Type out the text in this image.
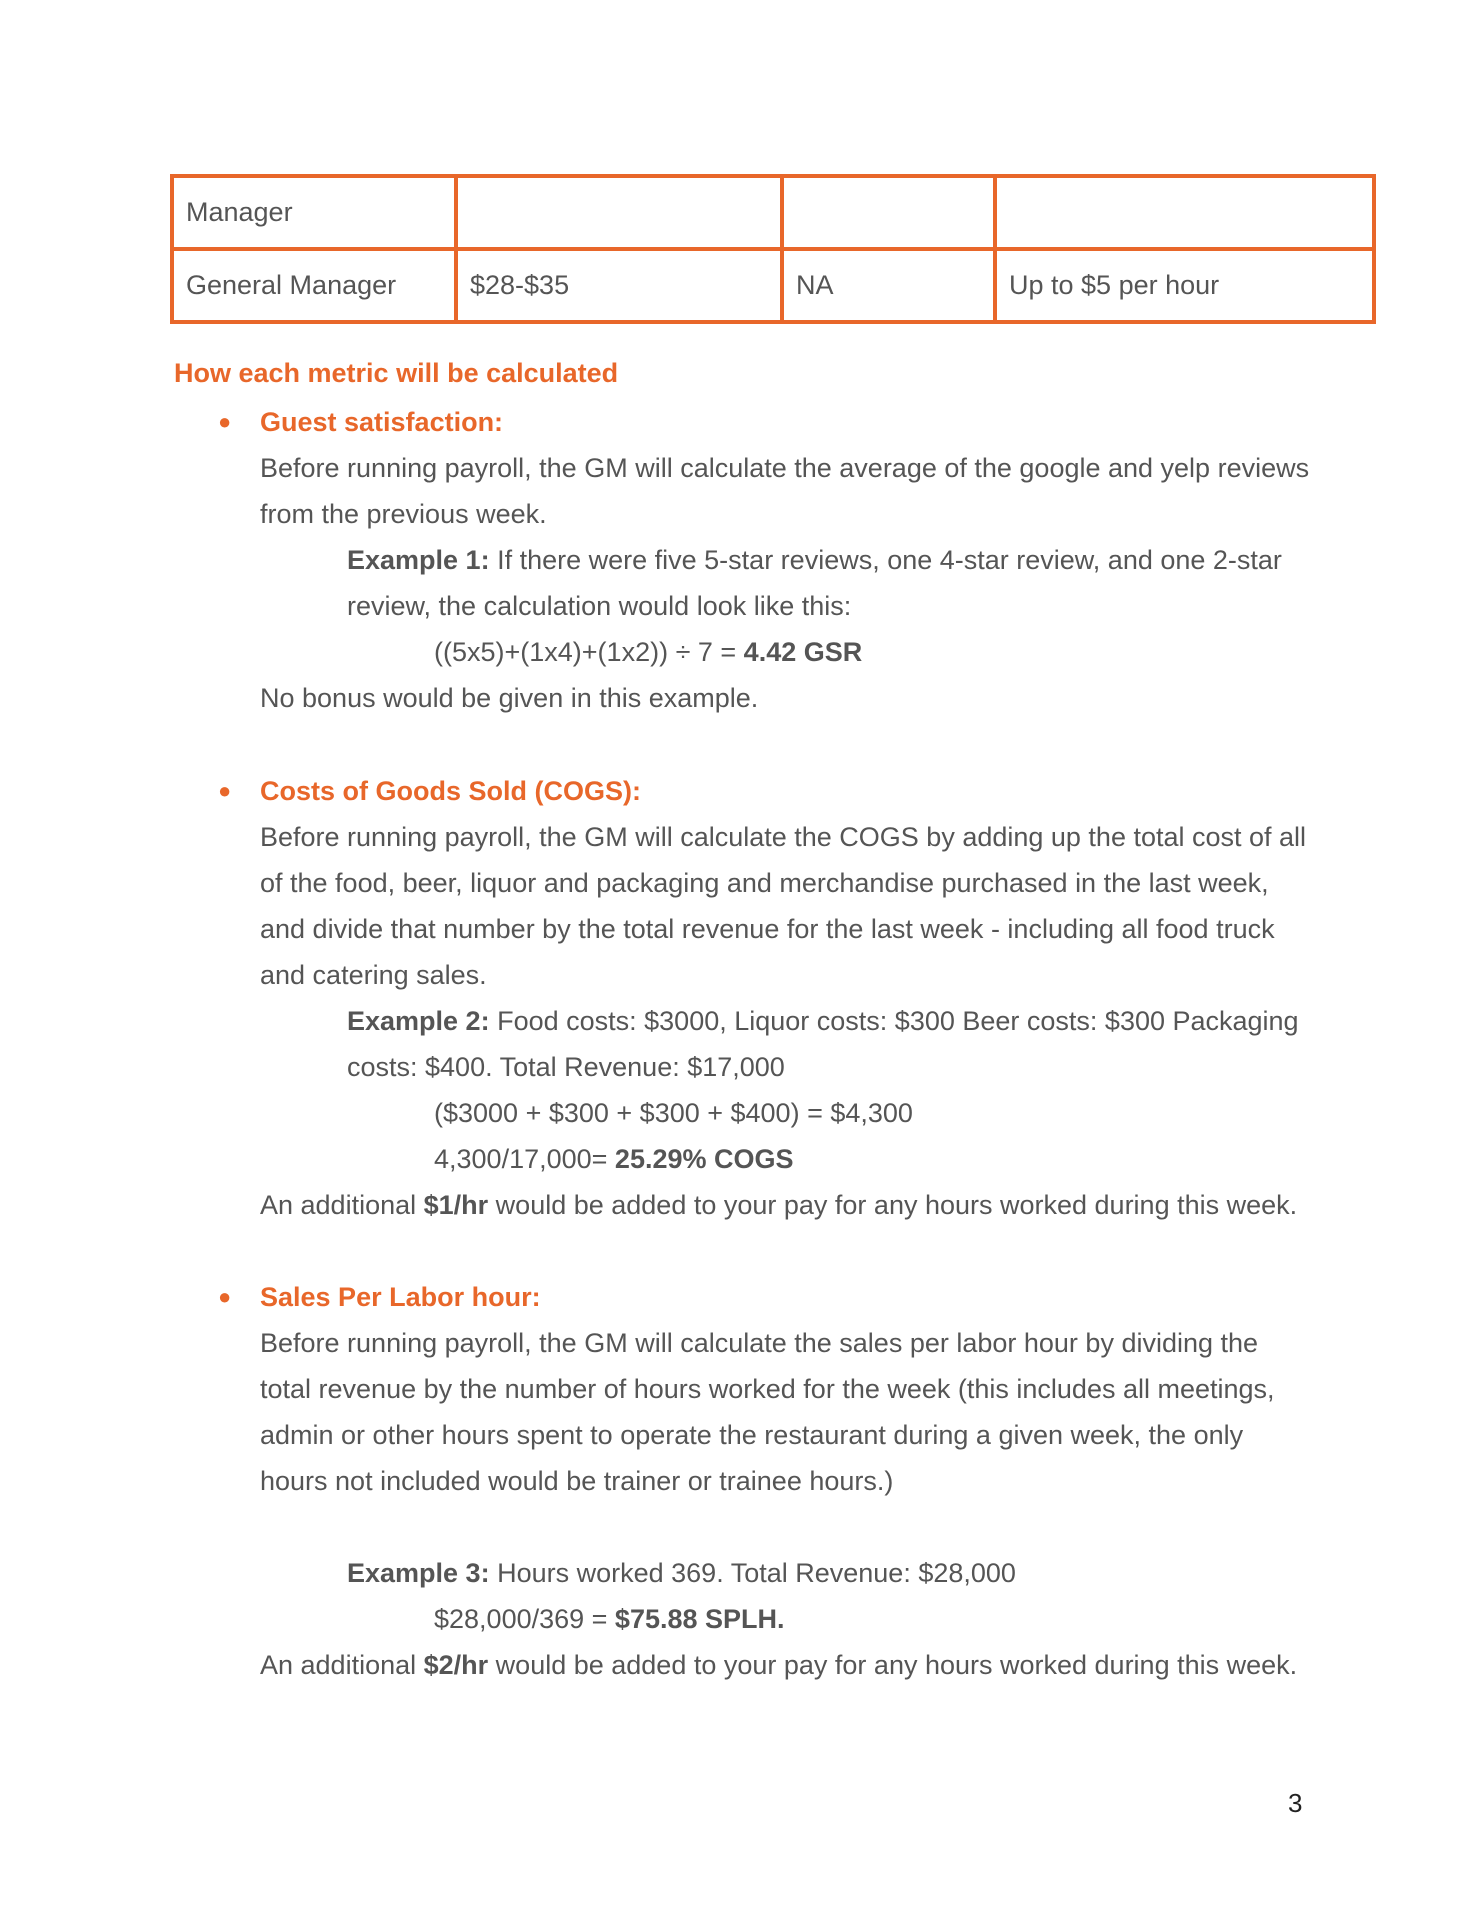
Manager			
General Manager	$28-$35	NA	Up to $5 per hour
How each metric will be calculated
● Guest satisfaction:

Before running payroll, the GM will calculate the average of the google and yelp reviews from the previous week.

Example 1: If there were five 5-star reviews, one 4-star review, and one 2-star review, the calculation would look like this:

((5x5)+(1x4)+(1x2)) ÷ 7 = 4.42 GSR

No bonus would be given in this example.

● Costs of Goods Sold (COGS):

Before running payroll, the GM will calculate the COGS by adding up the total cost of all of the food, beer, liquor and packaging and merchandise purchased in the last week, and divide that number by the total revenue for the last week - including all food truck and catering sales.

Example 2: Food costs: $3000, Liquor costs: $300 Beer costs: $300 Packaging costs: $400. Total Revenue: $17,000

($3000 + $300 + $300 + $400) = $4,300

4,300/17,000= 25.29% COGS

An additional $1/hr would be added to your pay for any hours worked during this week.

● Sales Per Labor hour:

Before running payroll, the GM will calculate the sales per labor hour by dividing the total revenue by the number of hours worked for the week (this includes all meetings, admin or other hours spent to operate the restaurant during a given week, the only hours not included would be trainer or trainee hours.)

Example 3: Hours worked 369. Total Revenue: $28,000

$28,000/369 = $75.88 SPLH.

An additional $2/hr would be added to your pay for any hours worked during this week.

3
